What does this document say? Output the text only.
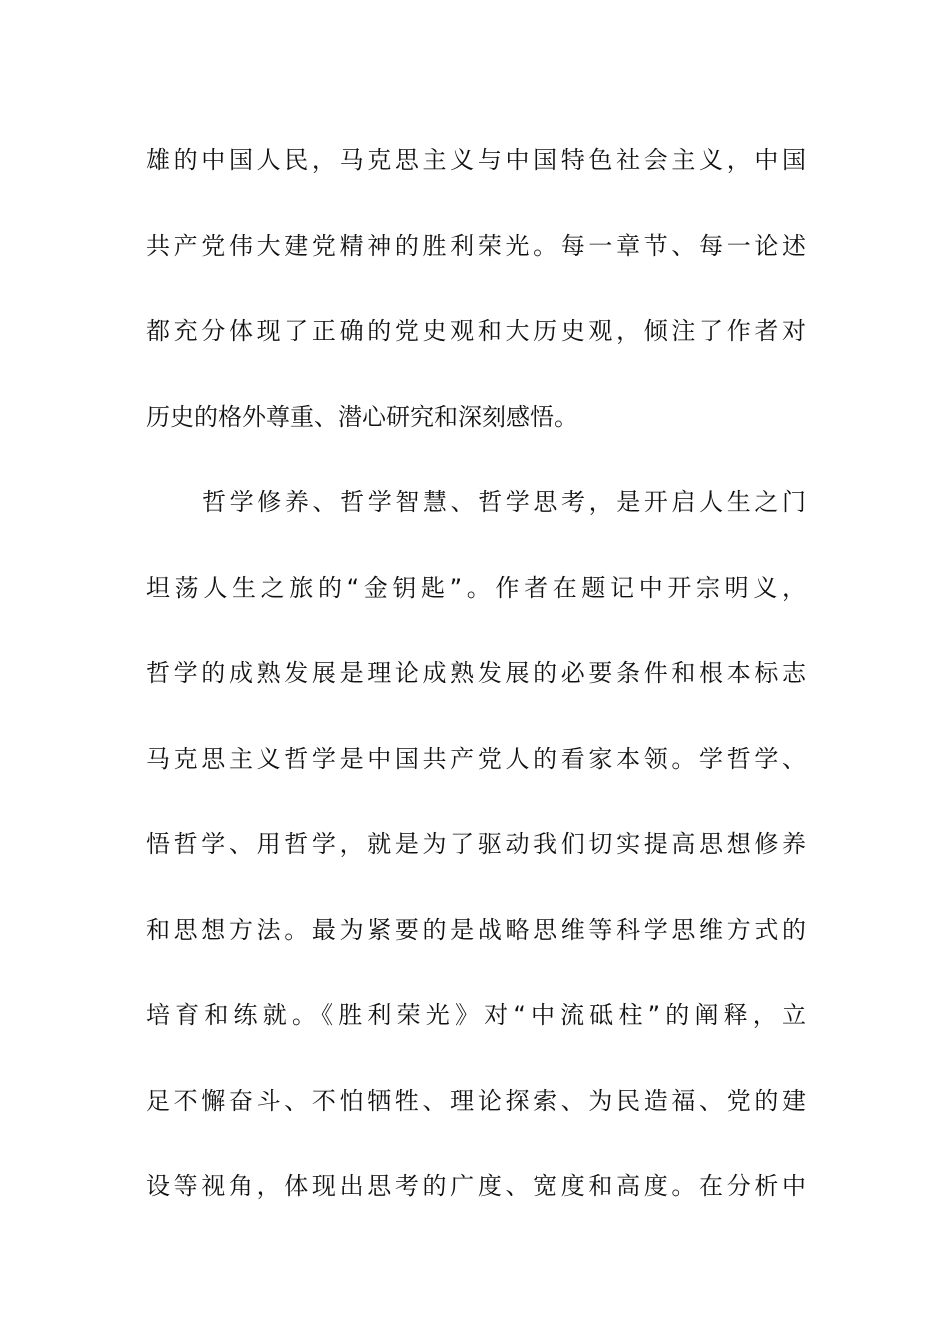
雄的中国人民，马克思主义与中国特色社会主义，中国
共产党伟大建党精神的胜利荣光。每一章节、每一论述
都充分体现了正确的党史观和大历史观，倾注了作者对
历史的格外尊重、潜心研究和深刻感悟。
哲学修养、哲学智慧、哲学思考，是开启人生之门
坦荡人生之旅的“金钥匙”。作者在题记中开宗明义，
哲学的成熟发展是理论成熟发展的必要条件和根本标志
马克思主义哲学是中国共产党人的看家本领。学哲学、
悟哲学、用哲学，就是为了驱动我们切实提高思想修养
和思想方法。最为紧要的是战略思维等科学思维方式的
培育和练就。《胜利荣光》对“中流砥柱”的阐释，立
足不懈奋斗、不怕牺牲、理论探索、为民造福、党的建
设等视角，体现出思考的广度、宽度和高度。在分析中
